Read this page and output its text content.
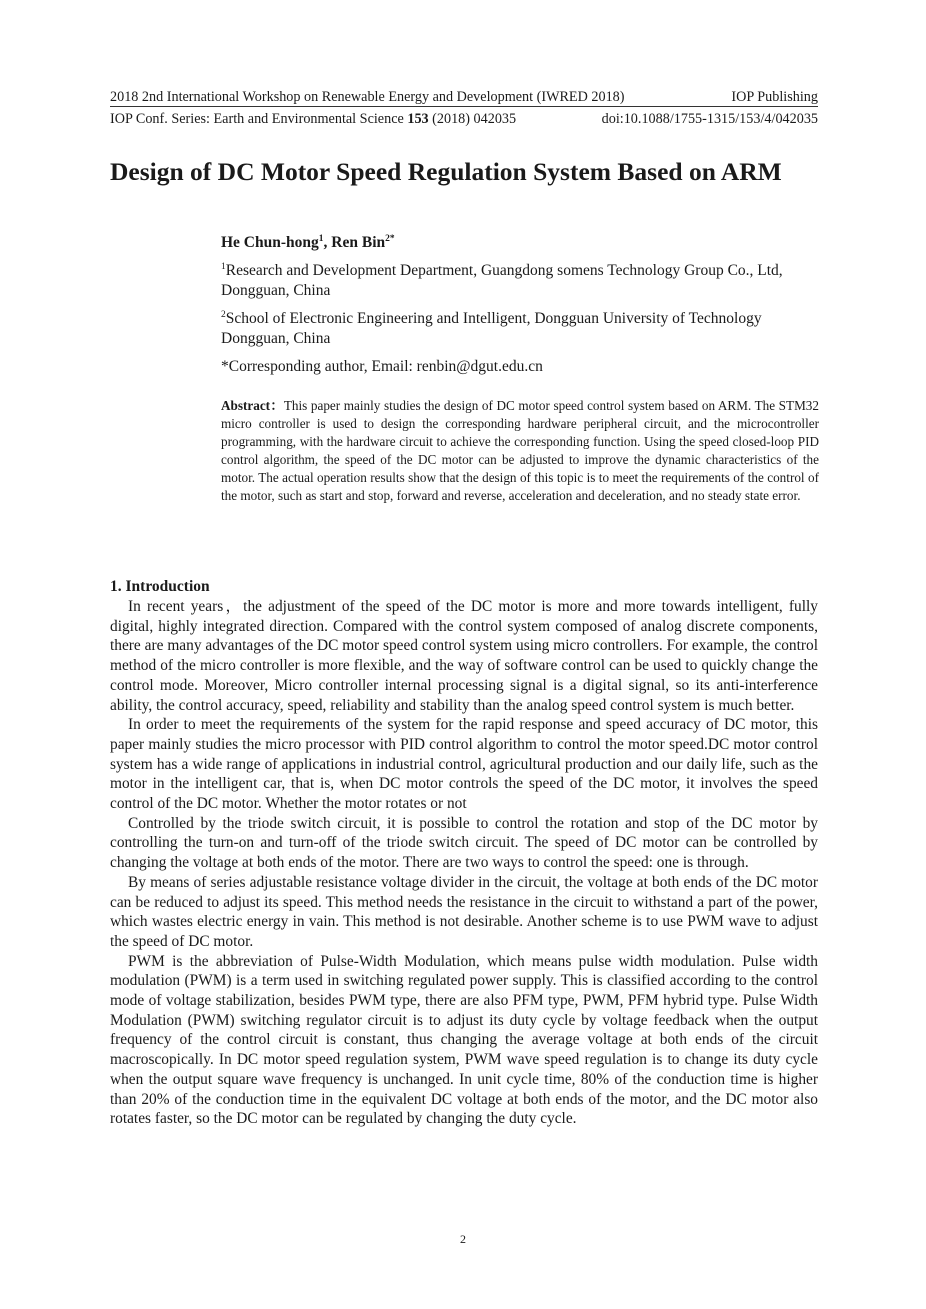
2018 2nd International Workshop on Renewable Energy and Development (IWRED 2018)	IOP Publishing
IOP Conf. Series: Earth and Environmental Science 153 (2018) 042035	doi:10.1088/1755-1315/153/4/042035
Design of DC Motor Speed Regulation System Based on ARM
He Chun-hong$^1$, Ren Bin$^{2*}$
$^1$Research and Development Department, Guangdong somens Technology Group Co., Ltd, Dongguan, China
$^2$School of Electronic Engineering and Intelligent, Dongguan University of Technology Dongguan, China
*Corresponding author, Email: renbin@dgut.edu.cn
Abstract：This paper mainly studies the design of DC motor speed control system based on ARM. The STM32 micro controller is used to design the corresponding hardware peripheral circuit, and the microcontroller programming, with the hardware circuit to achieve the corresponding function. Using the speed closed-loop PID control algorithm, the speed of the DC motor can be adjusted to improve the dynamic characteristics of the motor. The actual operation results show that the design of this topic is to meet the requirements of the control of the motor, such as start and stop, forward and reverse, acceleration and deceleration, and no steady state error.
1. Introduction

In recent years，the adjustment of the speed of the DC motor is more and more towards intelligent, fully digital, highly integrated direction. Compared with the control system composed of analog discrete components, there are many advantages of the DC motor speed control system using micro controllers. For example, the control method of the micro controller is more flexible, and the way of software control can be used to quickly change the control mode. Moreover, Micro controller internal processing signal is a digital signal, so its anti-interference ability, the control accuracy, speed, reliability and stability than the analog speed control system is much better.

In order to meet the requirements of the system for the rapid response and speed accuracy of DC motor, this paper mainly studies the micro processor with PID control algorithm to control the motor speed.DC motor control system has a wide range of applications in industrial control, agricultural production and our daily life, such as the motor in the intelligent car, that is, when DC motor controls the speed of the DC motor, it involves the speed control of the DC motor. Whether the motor rotates or not

Controlled by the triode switch circuit, it is possible to control the rotation and stop of the DC motor by controlling the turn-on and turn-off of the triode switch circuit. The speed of DC motor can be controlled by changing the voltage at both ends of the motor. There are two ways to control the speed: one is through.

By means of series adjustable resistance voltage divider in the circuit, the voltage at both ends of the DC motor can be reduced to adjust its speed. This method needs the resistance in the circuit to withstand a part of the power, which wastes electric energy in vain. This method is not desirable. Another scheme is to use PWM wave to adjust the speed of DC motor.

PWM is the abbreviation of Pulse-Width Modulation, which means pulse width modulation. Pulse width modulation (PWM) is a term used in switching regulated power supply. This is classified according to the control mode of voltage stabilization, besides PWM type, there are also PFM type, PWM, PFM hybrid type. Pulse Width Modulation (PWM) switching regulator circuit is to adjust its duty cycle by voltage feedback when the output frequency of the control circuit is constant, thus changing the average voltage at both ends of the circuit macroscopically. In DC motor speed regulation system, PWM wave speed regulation is to change its duty cycle when the output square wave frequency is unchanged. In unit cycle time, 80% of the conduction time is higher than 20% of the conduction time in the equivalent DC voltage at both ends of the motor, and the DC motor also rotates faster, so the DC motor can be regulated by changing the duty cycle.

2
